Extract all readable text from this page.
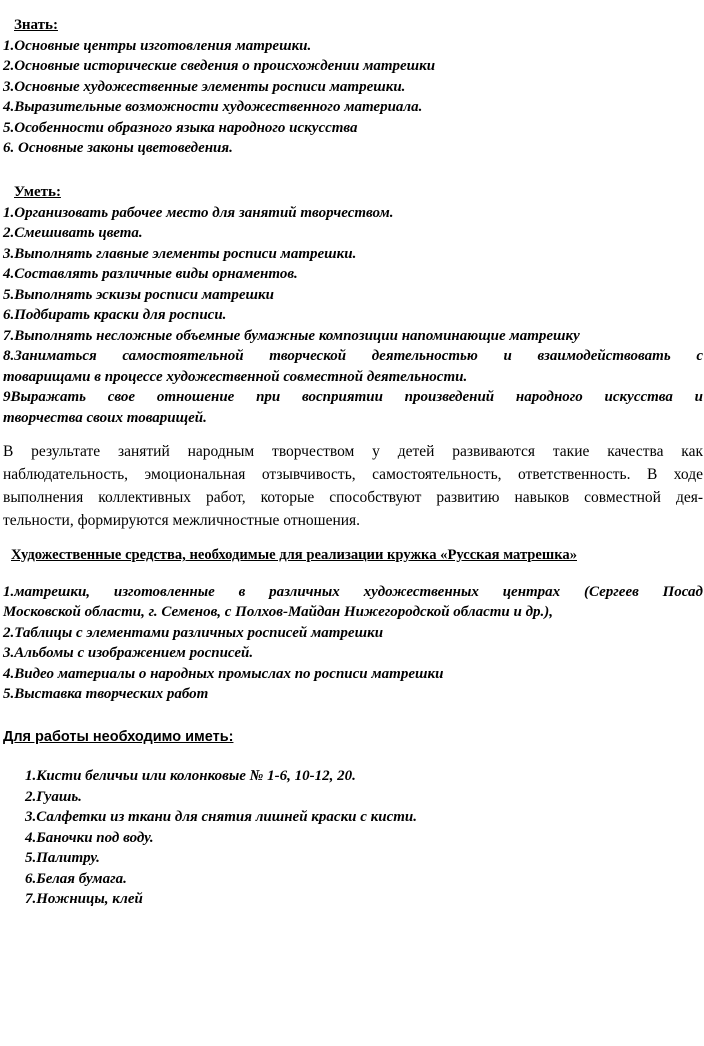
Знать:
1.Основные центры изготовления матрешки.
2.Основные исторические сведения о происхождении матрешки
3.Основные художественные элементы росписи матрешки.
4.Выразительные возможности художественного материала.
5.Особенности образного языка народного искусства
6. Основные законы цветоведения.
Уметь:
1.Организовать рабочее место для занятий творчеством.
2.Смешивать цвета.
3.Выполнять главные элементы росписи матрешки.
4.Составлять различные виды орнаментов.
5.Выполнять эскизы росписи матрешки
6.Подбирать краски для росписи.
7.Выполнять несложные объемные бумажные композиции напоминающие матрешку
8.Заниматься самостоятельной творческой деятельностью и взаимодействовать с
товарищами в процессе художественной совместной деятельности.
9Выражать свое отношение при восприятии произведений народного искусства и
творчества своих товарищей.
В результате занятий народным творчеством у детей развиваются такие качества как
наблюдательность, эмоциональная отзывчивость, самостоятельность, ответственность. В ходе
выполнения коллективных работ, которые способствуют развитию навыков совместной дея-
тельности, формируются межличностные отношения.
Художественные средства, необходимые для реализации кружка «Русская матрешка»
1.матрешки, изготовленные в различных художественных центрах (Сергеев Посад
Московской области, г. Семенов, с Полхов-Майдан Нижегородской области и др.),
2.Таблицы с элементами различных росписей матрешки
3.Альбомы с изображением росписей.
4.Видео материалы о народных промыслах по росписи матрешки
5.Выставка творческих работ
Для работы необходимо иметь:
1.Кисти беличьи или колонковые № 1-6, 10-12, 20.
2.Гуашь.
3.Салфетки из ткани для снятия лишней краски с кисти.
4.Баночки под воду.
5.Палитру.
6.Белая бумага.
7.Ножницы, клей
